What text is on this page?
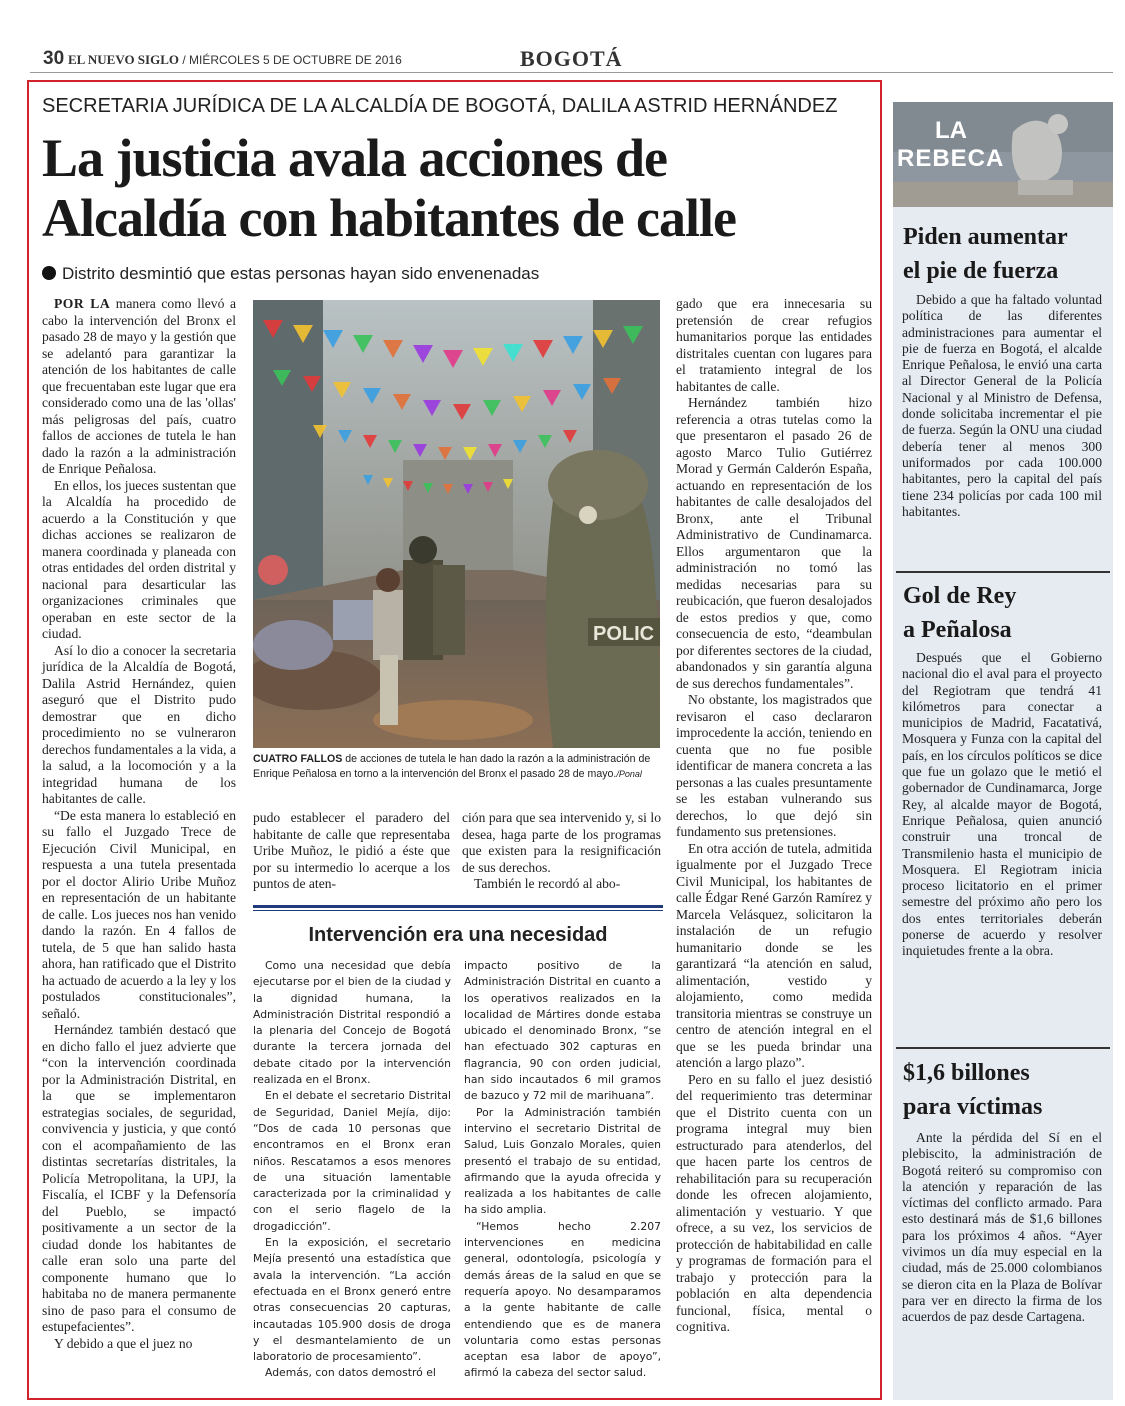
30 EL NUEVO SIGLO / MIÉRCOLES 5 DE OCTUBRE DE 2016	BOGOTÁ
SECRETARIA JURÍDICA DE LA ALCALDÍA DE BOGOTÁ, DALILA ASTRID HERNÁNDEZ
La justicia avala acciones de
Alcaldía con habitantes de calle
Distrito desmintió que estas personas hayan sido envenenadas

POR LA manera como llevó a cabo la intervención del Bronx el pasado 28 de mayo y la gestión que se adelantó para garantizar la atención de los habitantes de calle que frecuentaban este lugar que era considerado como una de las 'ollas' más peligrosas del país, cuatro fallos de acciones de tutela le han dado la razón a la administración de Enrique Peñalosa.

En ellos, los jueces sustentan que la Alcaldía ha procedido de acuerdo a la Constitución y que dichas acciones se realizaron de manera coordinada y planeada con otras entidades del orden distrital y nacional para desarticular las organizaciones criminales que operaban en este sector de la ciudad.

Así lo dio a conocer la secretaria jurídica de la Alcaldía de Bogotá, Dalila Astrid Hernández, quien aseguró que el Distrito pudo demostrar que en dicho procedimiento no se vulneraron derechos fundamentales a la vida, a la salud, a la locomoción y a la integridad humana de los habitantes de calle.

“De esta manera lo estableció en su fallo el Juzgado Trece de Ejecución Civil Municipal, en respuesta a una tutela presentada por el doctor Alirio Uribe Muñoz en representación de un habitante de calle. Los jueces nos han venido dando la razón. En 4 fallos de tutela, de 5 que han salido hasta ahora, han ratificado que el Distrito ha actuado de acuerdo a la ley y los postulados constitucionales”, señaló.

Hernández también destacó que en dicho fallo el juez advierte que “con la intervención coordinada por la Administración Distrital, en la que se implementaron estrategias sociales, de seguridad, convivencia y justicia, y que contó con el acompañamiento de las distintas secretarías distritales, la Policía Metropolitana, la UPJ, la Fiscalía, el ICBF y la Defensoría del Pueblo, se impactó positivamente a un sector de la ciudad donde los habitantes de calle eran solo una parte del componente humano que lo habitaba no de manera permanente sino de paso para el consumo de estupefacientes”.

Y debido a que el juez no

POLIC
CUATRO FALLOS de acciones de tutela le han dado la razón a la administración de Enrique Peñalosa en torno a la intervención del Bronx el pasado 28 de mayo./Ponal

pudo establecer el paradero del habitante de calle que representaba Uribe Muñoz, le pidió a éste que por su intermedio lo acerque a los puntos de aten-

ción para que sea intervenido y, si lo desea, haga parte de los programas que existen para la resignificación de sus derechos.

También le recordó al abo-

Intervención era una necesidad

Como una necesidad que debía ejecutarse por el bien de la ciudad y la dignidad humana, la Administración Distrital respondió a la plenaria del Concejo de Bogotá durante la tercera jornada del debate citado por la intervención realizada en el Bronx.

En el debate el secretario Distrital de Seguridad, Daniel Mejía, dijo: “Dos de cada 10 personas que encontramos en el Bronx eran niños. Rescatamos a esos menores de una situación lamentable caracterizada por la criminalidad y con el serio flagelo de la drogadicción”.

En la exposición, el secretario Mejía presentó una estadística que avala la intervención. “La acción efectuada en el Bronx generó entre otras consecuencias 20 capturas, incautadas 105.900 dosis de droga y el desmantelamiento de un laboratorio de procesamiento”.

Además, con datos demostró el

impacto positivo de la Administración Distrital en cuanto a los operativos realizados en la localidad de Mártires donde estaba ubicado el denominado Bronx, “se han efectuado 302 capturas en flagrancia, 90 con orden judicial, han sido incautados 6 mil gramos de bazuco y 72 mil de marihuana”.

Por la Administración también intervino el secretario Distrital de Salud, Luis Gonzalo Morales, quien presentó el trabajo de su entidad, afirmando que la ayuda ofrecida y realizada a los habitantes de calle ha sido amplia.

“Hemos hecho 2.207 intervenciones en medicina general, odontología, psicología y demás áreas de la salud en que se requería apoyo. No desamparamos a la gente habitante de calle entendiendo que es de manera voluntaria como estas personas aceptan esa labor de apoyo”, afirmó la cabeza del sector salud.

gado que era innecesaria su pretensión de crear refugios humanitarios porque las entidades distritales cuentan con lugares para el tratamiento integral de los habitantes de calle.

Hernández también hizo referencia a otras tutelas como la que presentaron el pasado 26 de agosto Marco Tulio Gutiérrez Morad y Germán Calderón España, actuando en representación de los habitantes de calle desalojados del Bronx, ante el Tribunal Administrativo de Cundinamarca. Ellos argumentaron que la administración no tomó las medidas necesarias para su reubicación, que fueron desalojados de estos predios y que, como consecuencia de esto, “deambulan por diferentes sectores de la ciudad, abandonados y sin garantía alguna de sus derechos fundamentales”.

No obstante, los magistrados que revisaron el caso declararon improcedente la acción, teniendo en cuenta que no fue posible identificar de manera concreta a las personas a las cuales presuntamente se les estaban vulnerando sus derechos, lo que dejó sin fundamento sus pretensiones.

En otra acción de tutela, admitida igualmente por el Juzgado Trece Civil Municipal, los habitantes de calle Édgar René Garzón Ramírez y Marcela Velásquez, solicitaron la instalación de un refugio humanitario donde se les garantizará “la atención en salud, alimentación, vestido y alojamiento, como medida transitoria mientras se construye un centro de atención integral en el que se les pueda brindar una atención a largo plazo”.

Pero en su fallo el juez desistió del requerimiento tras determinar que el Distrito cuenta con un programa integral muy bien estructurado para atenderlos, del que hacen parte los centros de rehabilitación para su recuperación donde les ofrecen alojamiento, alimentación y vestuario. Y que ofrece, a su vez, los servicios de protección de habitabilidad en calle y programas de formación para el trabajo y protección para la población en alta dependencia funcional, física, mental o cognitiva.

LA
REBECA
Piden aumentar
el pie de fuerza

Debido a que ha faltado voluntad política de las diferentes administraciones para aumentar el pie de fuerza en Bogotá, el alcalde Enrique Peñalosa, le envió una carta al Director General de la Policía Nacional y al Ministro de Defensa, donde solicitaba incrementar el pie de fuerza. Según la ONU una ciudad debería tener al menos 300 uniformados por cada 100.000 habitantes, pero la capital del país tiene 234 policías por cada 100 mil habitantes.

Gol de Rey
a Peñalosa

Después que el Gobierno nacional dio el aval para el proyecto del Regiotram que tendrá 41 kilómetros para conectar a municipios de Madrid, Facatativá, Mosquera y Funza con la capital del país, en los círculos políticos se dice que fue un golazo que le metió el gobernador de Cundinamarca, Jorge Rey, al alcalde mayor de Bogotá, Enrique Peñalosa, quien anunció construir una troncal de Transmilenio hasta el municipio de Mosquera. El Regiotram inicia proceso licitatorio en el primer semestre del próximo año pero los dos entes territoriales deberán ponerse de acuerdo y resolver inquietudes frente a la obra.

$1,6 billones
para víctimas

Ante la pérdida del Sí en el plebiscito, la administración de Bogotá reiteró su compromiso con la atención y reparación de las víctimas del conflicto armado. Para esto destinará más de $1,6 billones para los próximos 4 años. “Ayer vivimos un día muy especial en la ciudad, más de 25.000 colombianos se dieron cita en la Plaza de Bolívar para ver en directo la firma de los acuerdos de paz desde Cartagena.
